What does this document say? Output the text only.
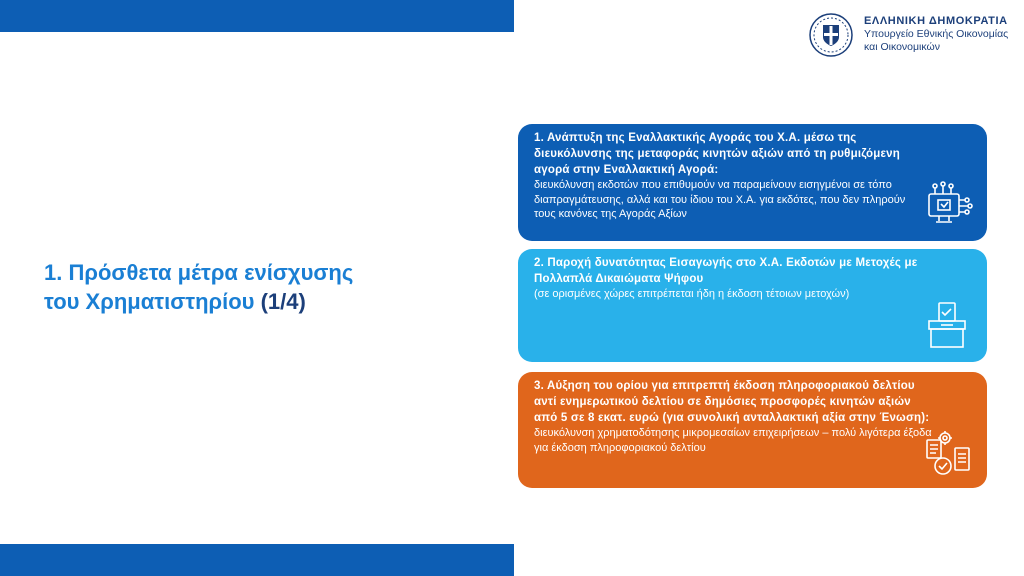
ΕΛΛΗΝΙΚΗ ΔΗΜΟΚΡΑΤΙΑ
Υπουργείο Εθνικής Οικονομίας
και Οικονομικών
1. Πρόσθετα μέτρα ενίσχυσης
του Χρηματιστηρίου (1/4)
1. Ανάπτυξη της Εναλλακτικής Αγοράς του Χ.Α. μέσω της διευκόλυνσης της μεταφοράς κινητών αξιών από τη ρυθμιζόμενη αγορά στην Εναλλακτική Αγορά:
διευκόλυνση εκδοτών που επιθυμούν να παραμείνουν εισηγμένοι σε τόπο διαπραγμάτευσης, αλλά και του ίδιου του Χ.Α. για εκδότες, που δεν πληρούν τους κανόνες της Αγοράς Αξίων
2. Παροχή δυνατότητας Εισαγωγής στο Χ.Α. Εκδοτών με Μετοχές με Πολλαπλά Δικαιώματα Ψήφου
(σε ορισμένες χώρες επιτρέπεται ήδη η έκδοση τέτοιων μετοχών)
3. Αύξηση του ορίου για επιτρεπτή έκδοση πληροφοριακού δελτίου αντί ενημερωτικού δελτίου σε δημόσιες προσφορές κινητών αξιών από 5 σε 8 εκατ. ευρώ (για συνολική ανταλλακτική αξία στην Ένωση):
διευκόλυνση χρηματοδότησης μικρομεσαίων επιχειρήσεων – πολύ λιγότερα έξοδα για έκδοση πληροφοριακού δελτίου
